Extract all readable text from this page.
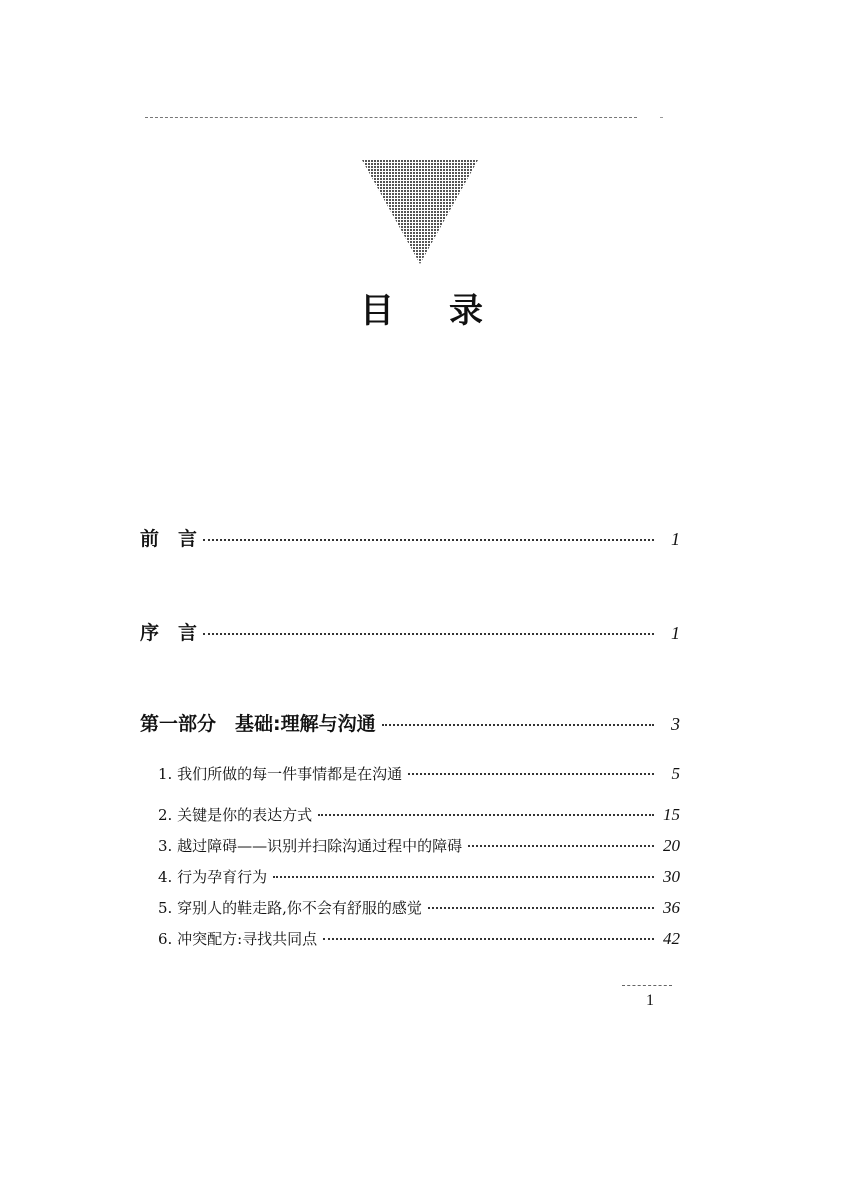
目 录
前　言	1
序　言	1
第一部分　基础:理解与沟通	3
1. 我们所做的每一件事情都是在沟通	5
2. 关键是你的表达方式	15
3. 越过障碍——识别并扫除沟通过程中的障碍	20
4. 行为孕育行为	30
5. 穿别人的鞋走路,你不会有舒服的感觉	36
6. 冲突配方:寻找共同点	42
1
